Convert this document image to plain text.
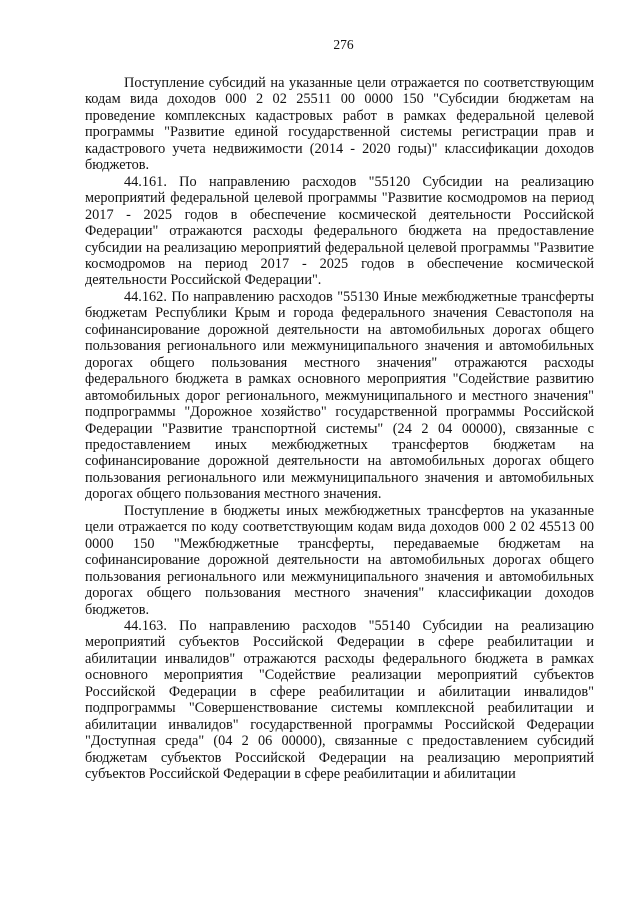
276

Поступление субсидий на указанные цели отражается по соответствующим кодам вида доходов 000 2 02 25511 00 0000 150 "Субсидии бюджетам на проведение комплексных кадастровых работ в рамках федеральной целевой программы "Развитие единой государственной системы регистрации прав и кадастрового учета недвижимости (2014 - 2020 годы)" классификации доходов бюджетов.

44.161. По направлению расходов "55120 Субсидии на реализацию мероприятий федеральной целевой программы "Развитие космодромов на период 2017 - 2025 годов в обеспечение космической деятельности Российской Федерации" отражаются расходы федерального бюджета на предоставление субсидии на реализацию мероприятий федеральной целевой программы "Развитие космодромов на период 2017 - 2025 годов в обеспечение космической деятельности Российской Федерации".

44.162. По направлению расходов "55130 Иные межбюджетные трансферты бюджетам Республики Крым и города федерального значения Севастополя на софинансирование дорожной деятельности на автомобильных дорогах общего пользования регионального или межмуниципального значения и автомобильных дорогах общего пользования местного значения" отражаются расходы федерального бюджета в рамках основного мероприятия "Содействие развитию автомобильных дорог регионального, межмуниципального и местного значения" подпрограммы "Дорожное хозяйство" государственной программы Российской Федерации "Развитие транспортной системы" (24 2 04 00000), связанные с предоставлением иных межбюджетных трансфертов бюджетам на софинансирование дорожной деятельности на автомобильных дорогах общего пользования регионального или межмуниципального значения и автомобильных дорогах общего пользования местного значения.

Поступление в бюджеты иных межбюджетных трансфертов на указанные цели отражается по коду соответствующим кодам вида доходов 000 2 02 45513 00 0000 150 "Межбюджетные трансферты, передаваемые бюджетам на софинансирование дорожной деятельности на автомобильных дорогах общего пользования регионального или межмуниципального значения и автомобильных дорогах общего пользования местного значения" классификации доходов бюджетов.

44.163. По направлению расходов "55140 Субсидии на реализацию мероприятий субъектов Российской Федерации в сфере реабилитации и абилитации инвалидов" отражаются расходы федерального бюджета в рамках основного мероприятия "Содействие реализации мероприятий субъектов Российской Федерации в сфере реабилитации и абилитации инвалидов" подпрограммы "Совершенствование системы комплексной реабилитации и абилитации инвалидов" государственной программы Российской Федерации "Доступная среда" (04 2 06 00000), связанные с предоставлением субсидий бюджетам субъектов Российской Федерации на реализацию мероприятий субъектов Российской Федерации в сфере реабилитации и абилитации
